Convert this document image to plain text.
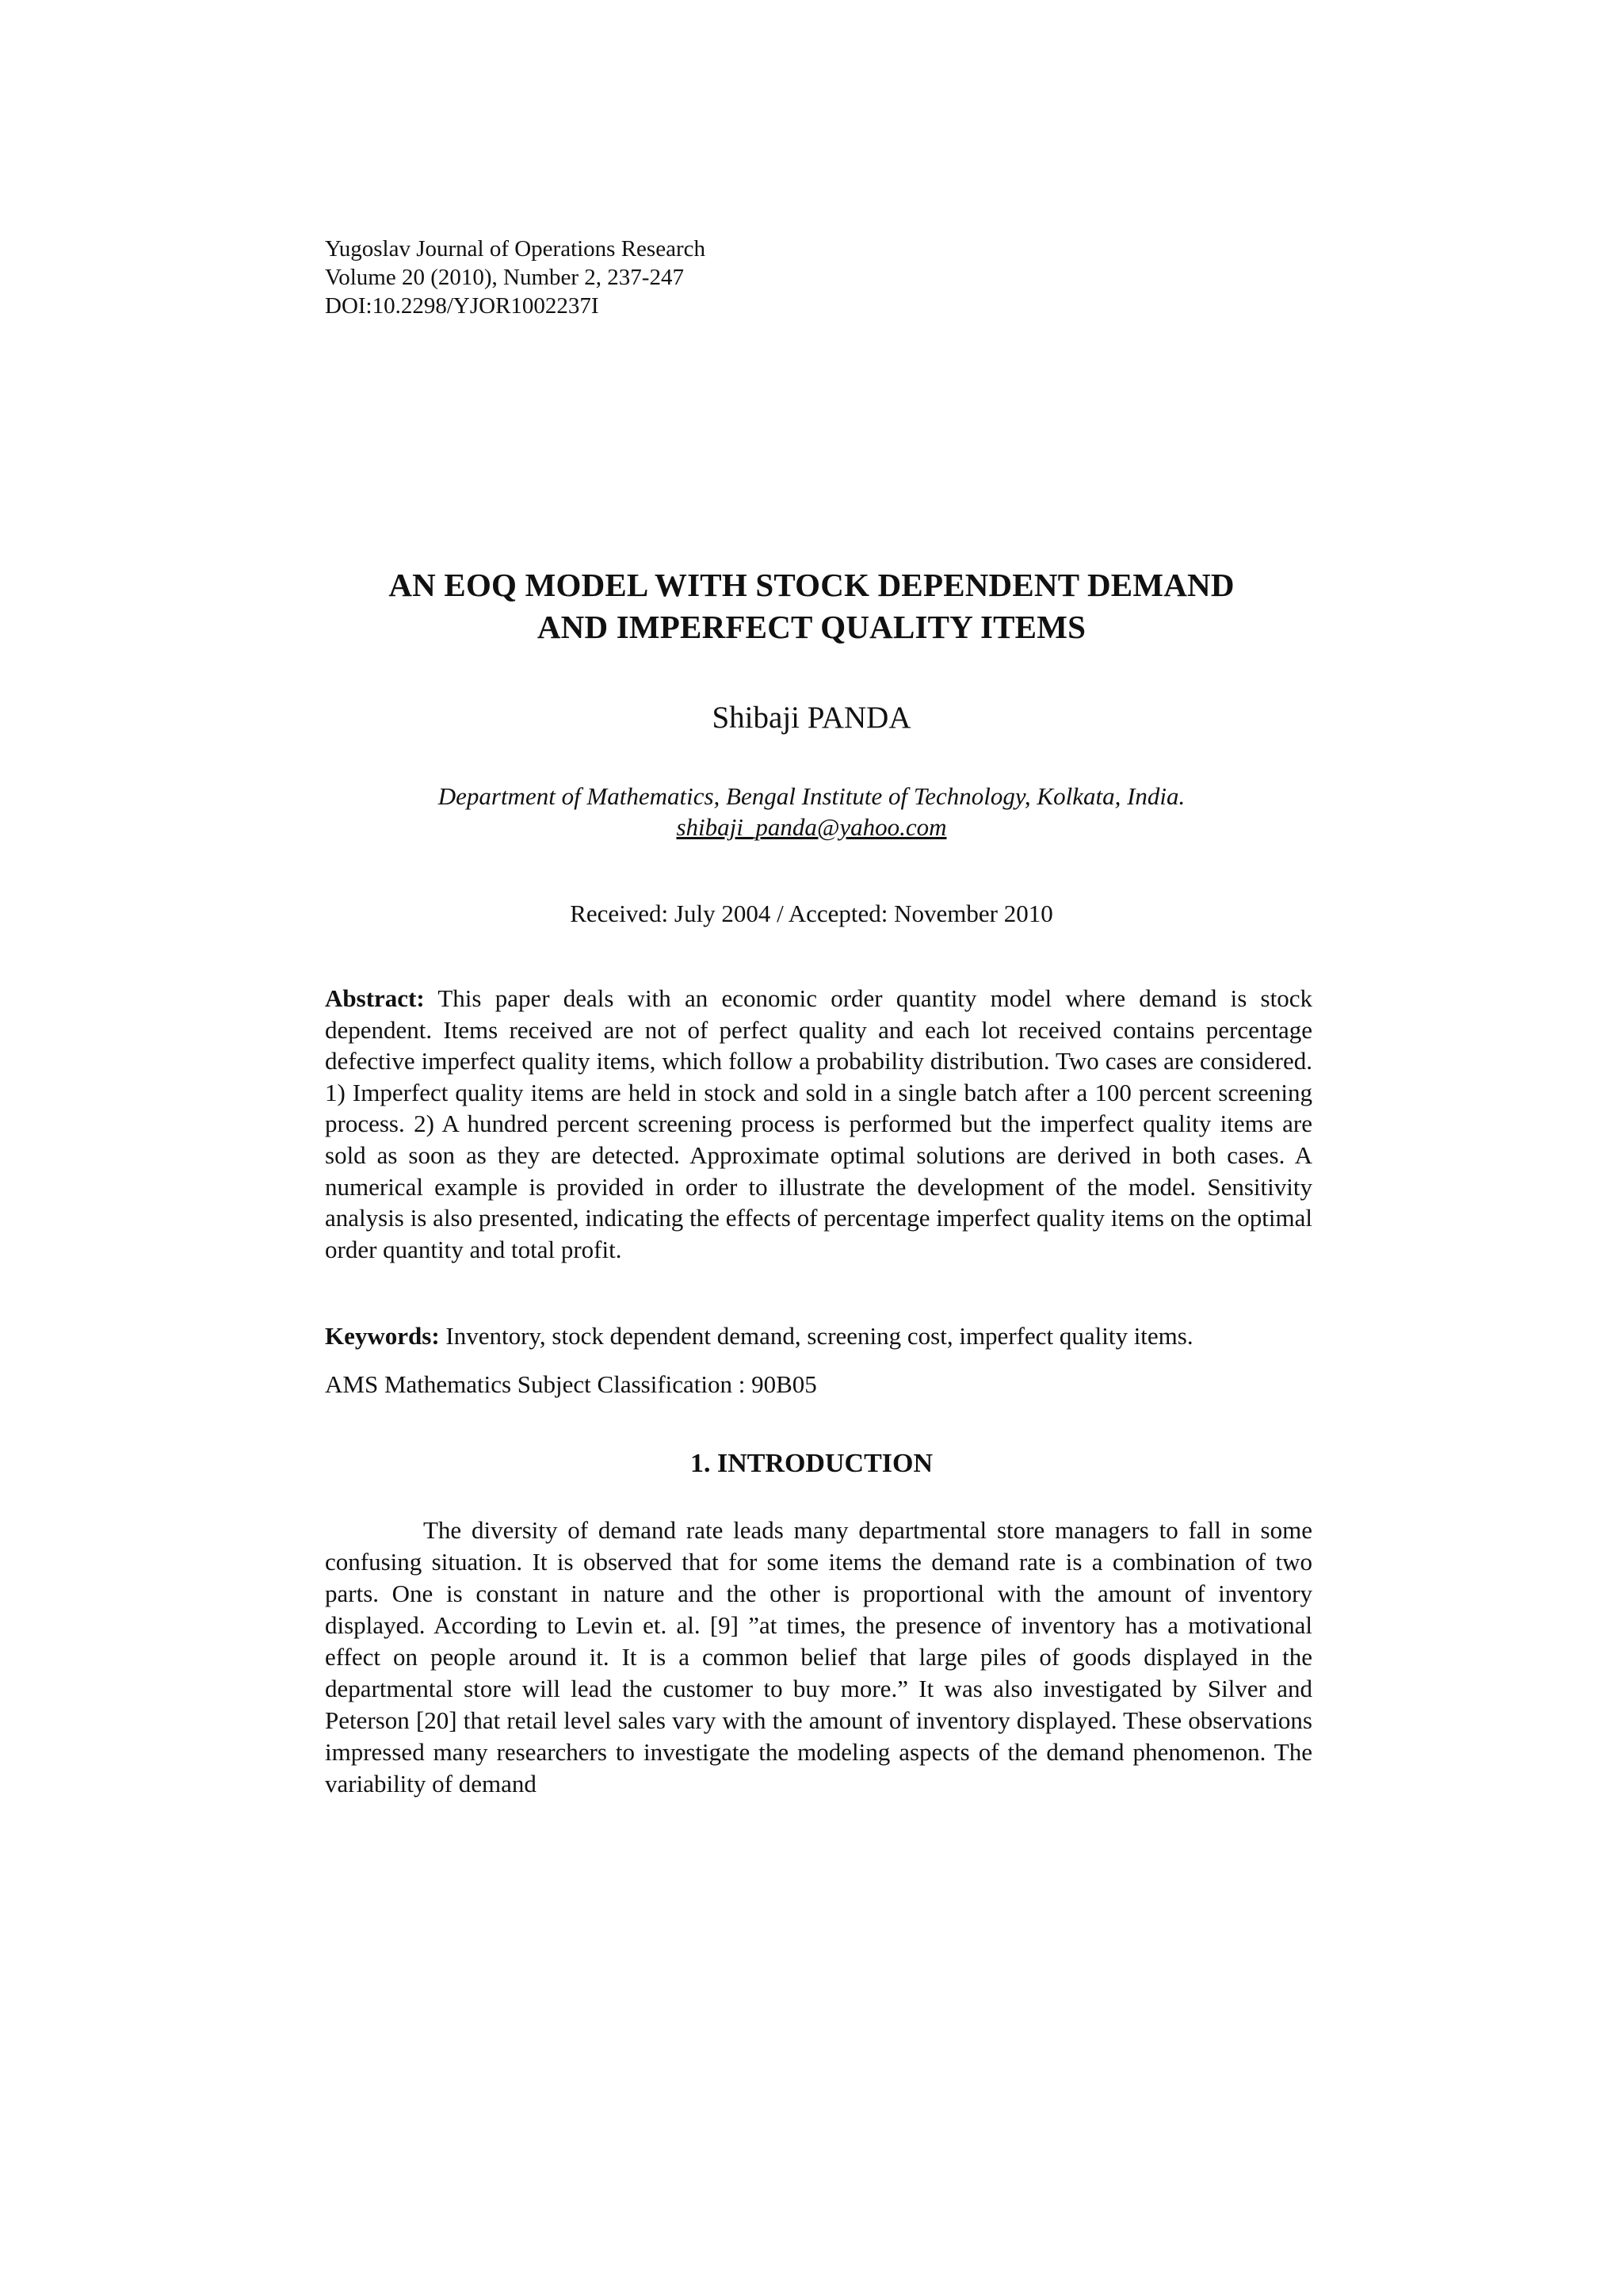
Yugoslav Journal of Operations Research
Volume 20 (2010), Number 2, 237-247
DOI:10.2298/YJOR1002237I
AN EOQ MODEL WITH STOCK DEPENDENT DEMAND
AND IMPERFECT QUALITY ITEMS
Shibaji PANDA
Department of Mathematics, Bengal Institute of Technology, Kolkata, India.
shibaji_panda@yahoo.com
Received: July 2004 / Accepted: November 2010
Abstract: This paper deals with an economic order quantity model where demand is stock dependent. Items received are not of perfect quality and each lot received contains percentage defective imperfect quality items, which follow a probability distribution. Two cases are considered. 1) Imperfect quality items are held in stock and sold in a single batch after a 100 percent screening process. 2) A hundred percent screening process is performed but the imperfect quality items are sold as soon as they are detected. Approximate optimal solutions are derived in both cases. A numerical example is provided in order to illustrate the development of the model. Sensitivity analysis is also presented, indicating the effects of percentage imperfect quality items on the optimal order quantity and total profit.
Keywords: Inventory, stock dependent demand, screening cost, imperfect quality items.
AMS Mathematics Subject Classification : 90B05
1. INTRODUCTION
The diversity of demand rate leads many departmental store managers to fall in some confusing situation. It is observed that for some items the demand rate is a combination of two parts. One is constant in nature and the other is proportional with the amount of inventory displayed. According to Levin et. al. [9] ”at times, the presence of inventory has a motivational effect on people around it. It is a common belief that large piles of goods displayed in the departmental store will lead the customer to buy more.” It was also investigated by Silver and Peterson [20] that retail level sales vary with the amount of inventory displayed. These observations impressed many researchers to investigate the modeling aspects of the demand phenomenon. The variability of demand
